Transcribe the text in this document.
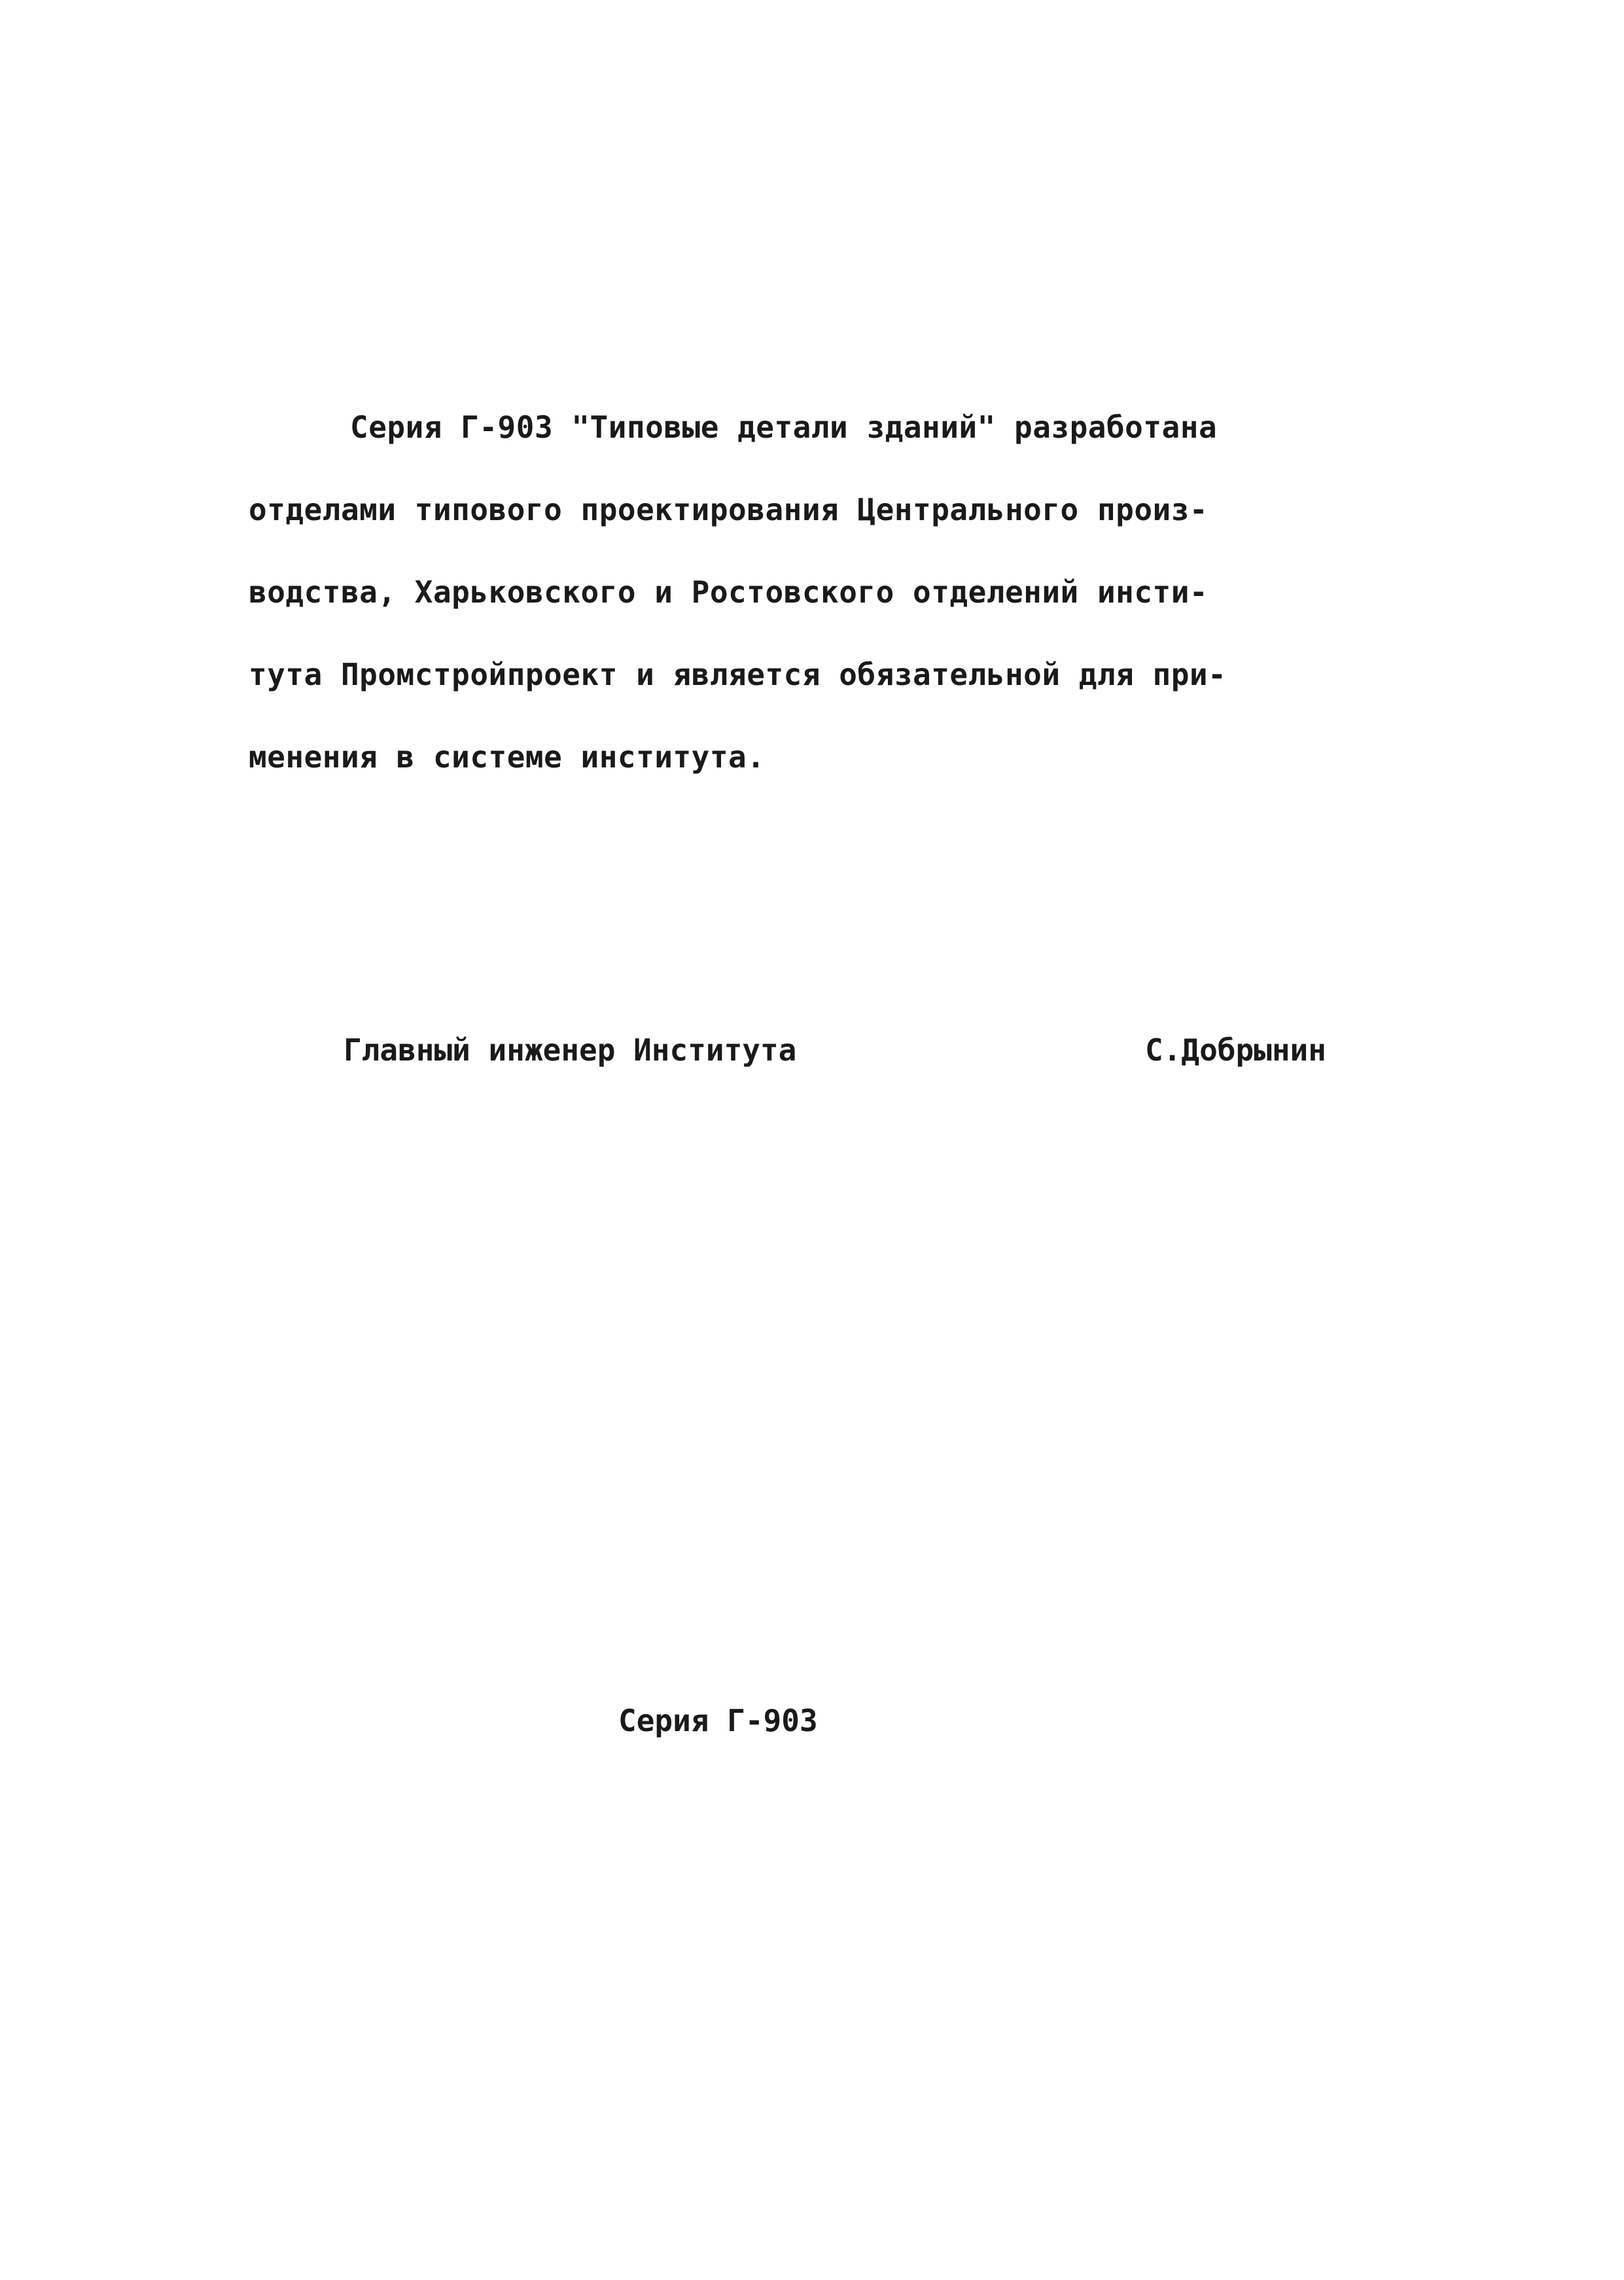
Серия Г-903 "Типовые детали зданий" разработана
отделами типового проектирования Центрального произ-
водства, Харьковского и Ростовского отделений инсти-
тута Промстройпроект и является обязательной для при-
менения в системе института.
Главный инженер Института	С.Добрынин
Серия Г-903
